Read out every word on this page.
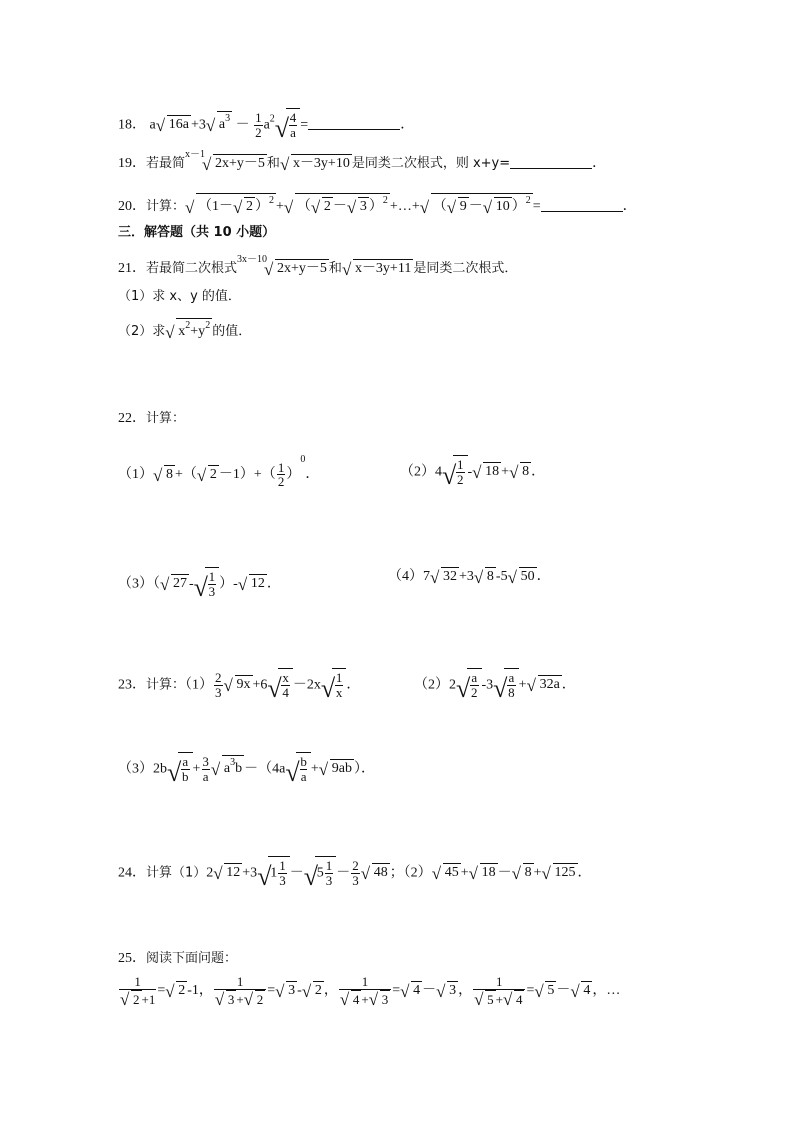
18． a √ 16a +3 √ $a^3 - \frac{1}{2} a^2$ √ $\frac{4}{a}$ =	．
19．若最简$^{x-1}$√ 2x+y－5 和 √ x－3y+10 是同类二次根式，则 x+y=	．
20．计算： √ （1－ √ 2 ）$^2$ + √ （ √ 2 － √ 3 ）$^2$ +…+ √ （ √ 9 － √ 10 ）$^2$ =	．
三．解答题（共 10 小题）
21．若最简二次根式$^{3x-10}$√ 2x+y－5 和 √ x－3y+11 是同类二次根式．
（1）求 x、y 的值．
（2）求 √ $x^2+y^2$ 的值．
22．计算：
（1） √ 8 +（ √ $2 -1)+( \frac{1}{2} )^0$．	（2）4 √ $\frac{1}{2}$ - √ 18 + √ 8 ．
（3）（ √ 27 - √ $\frac{1}{3}$ ）- √ 12 ．	（4）7 √ 32 +3 √ 8 -5 √ 50 ．
23．计算：$(1) \frac{2}{3}$ √ 9x +6 √ $\frac{x}{4} -2x$ √ $\frac{1}{x}$ ．	（2）2 √ $\frac{a}{2} -3$ √ $\frac{a}{8}$ + √ 32a ．
（3）2b √ $\frac{a}{b} + \frac{3}{a}$ √ $a^3b -(4a$ √ $\frac{b}{a}$ + √ 9ab ）．
24．计算（1）2 √ 12 +3 √ $1 \frac{1}{3}$ － √ $5 \frac{1}{3} - \frac{2}{3}$ √ 48 ；（2） √ 45 + √ 18 － √ 8 + √ 125 ．
25．阅读下面问题：
1
√ 2 +1 = √ 2 -1， 1
√ 3 + √ 2 = √ 3 - √ 2 ， 1
√ 4 + √ 3 = √ 4 － √ 3 ， 1
√ 5 + √ 4 = √ 5 － √ 4 ，…
